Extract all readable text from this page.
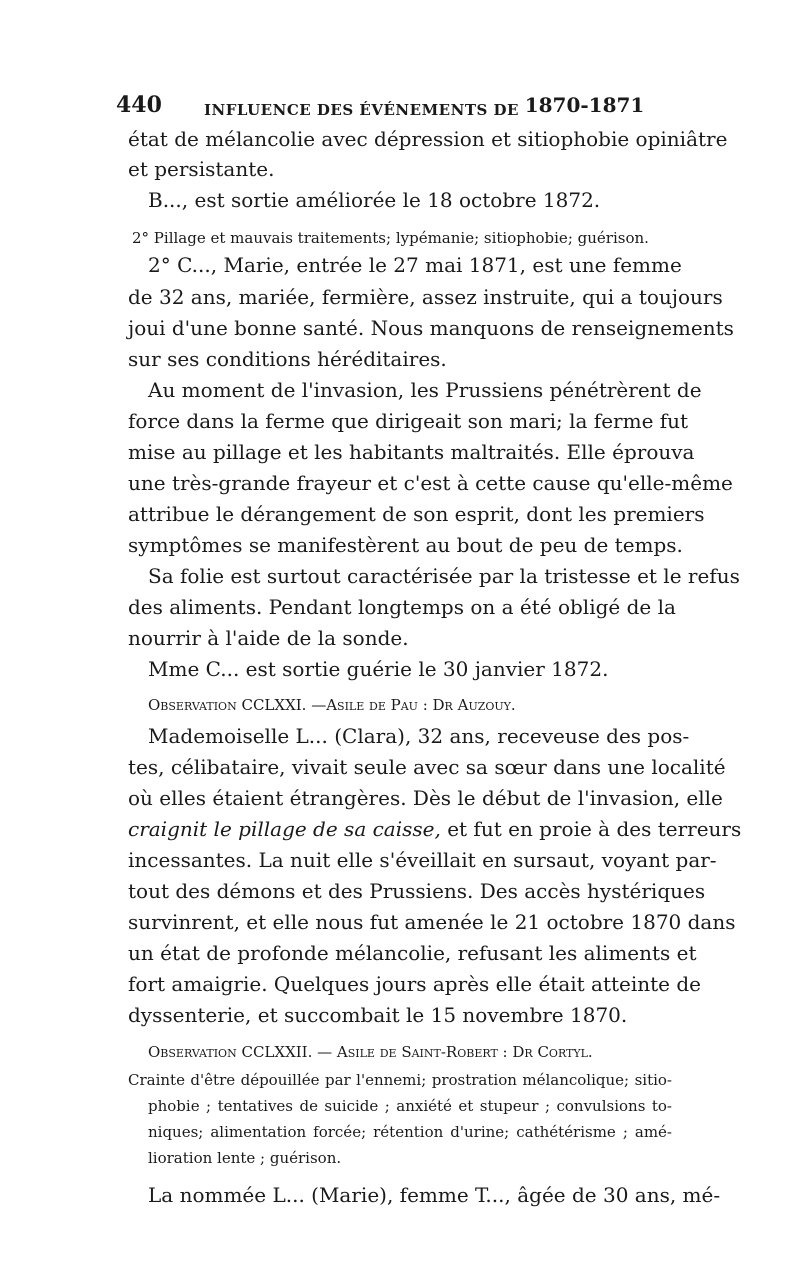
440	INFLUENCE DES ÉVÉNEMENTS DE 1870-1871
état de mélancolie avec dépression et sitiophobie opiniâtre
et persistante.
B..., est sortie améliorée le 18 octobre 1872.
2° Pillage et mauvais traitements; lypémanie; sitiophobie; guérison.
2° C..., Marie, entrée le 27 mai 1871, est une femme
de 32 ans, mariée, fermière, assez instruite, qui a toujours
joui d'une bonne santé. Nous manquons de renseignements
sur ses conditions héréditaires.
Au moment de l'invasion, les Prussiens pénétrèrent de
force dans la ferme que dirigeait son mari; la ferme fut
mise au pillage et les habitants maltraités. Elle éprouva
une très-grande frayeur et c'est à cette cause qu'elle-même
attribue le dérangement de son esprit, dont les premiers
symptômes se manifestèrent au bout de peu de temps.
Sa folie est surtout caractérisée par la tristesse et le refus
des aliments. Pendant longtemps on a été obligé de la
nourrir à l'aide de la sonde.
Mme C... est sortie guérie le 30 janvier 1872.
Observation CCLXXI. —Asile de Pau : Dr Auzouy.
Mademoiselle L... (Clara), 32 ans, receveuse des pos-
tes, célibataire, vivait seule avec sa sœur dans une localité
où elles étaient étrangères. Dès le début de l'invasion, elle
craignit le pillage de sa caisse, et fut en proie à des terreurs
incessantes. La nuit elle s'éveillait en sursaut, voyant par-
tout des démons et des Prussiens. Des accès hystériques
survinrent, et elle nous fut amenée le 21 octobre 1870 dans
un état de profonde mélancolie, refusant les aliments et
fort amaigrie. Quelques jours après elle était atteinte de
dyssenterie, et succombait le 15 novembre 1870.
Observation CCLXXII. — Asile de Saint-Robert : Dr Cortyl.
Crainte d'être dépouillée par l'ennemi; prostration mélancolique; sitio-
phobie ; tentatives de suicide ; anxiété et stupeur ; convulsions to-
niques; alimentation forcée; rétention d'urine; cathétérisme ; amé-
lioration lente ; guérison.
La nommée L... (Marie), femme T..., âgée de 30 ans, mé-
